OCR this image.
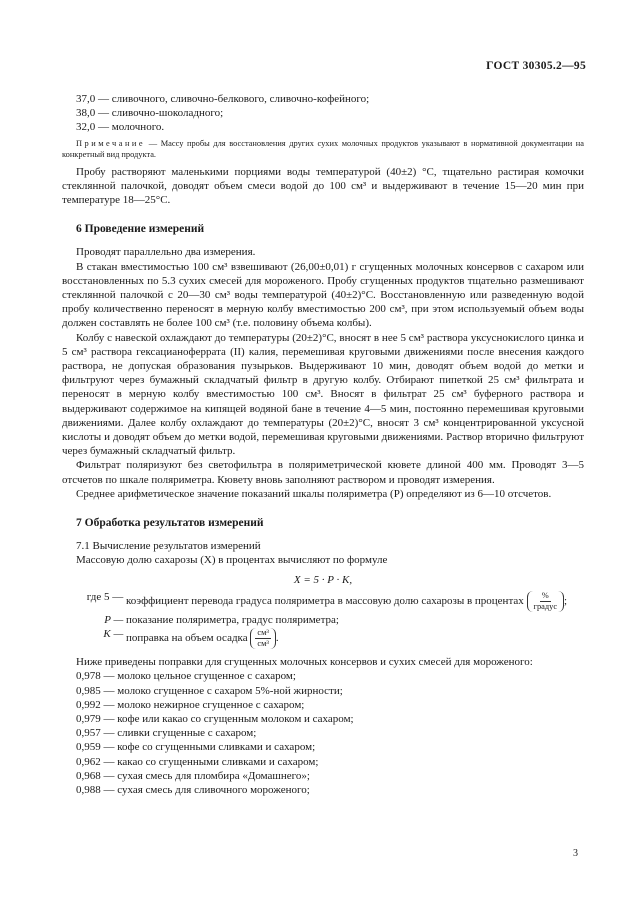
ГОСТ 30305.2—95

37,0 — сливочного, сливочно-белкового, сливочно-кофейного;

38,0 — сливочно-шоколадного;

32,0 — молочного.

Примечание — Массу пробы для восстановления других сухих молочных продуктов указывают в нормативной документации на конкретный вид продукта.

Пробу растворяют маленькими порциями воды температурой (40±2) °С, тщательно растирая комочки стеклянной палочкой, доводят объем смеси водой до 100 см³ и выдерживают в течение 15—20 мин при температуре 18—25°С.

6 Проведение измерений

Проводят параллельно два измерения.

В стакан вместимостью 100 см³ взвешивают (26,00±0,01) г сгущенных молочных консервов с сахаром или восстановленных по 5.3 сухих смесей для мороженого. Пробу сгущенных продуктов тщательно размешивают стеклянной палочкой с 20—30 см³ воды температурой (40±2)°С. Восстановленную или разведенную водой пробу количественно переносят в мерную колбу вместимостью 200 см³, при этом используемый объем воды должен составлять не более 100 см³ (т.е. половину объема колбы).

Колбу с навеской охлаждают до температуры (20±2)°С, вносят в нее 5 см³ раствора уксуснокислого цинка и 5 см³ раствора гексацианоферрата (II) калия, перемешивая круговыми движениями после внесения каждого раствора, не допуская образования пузырьков. Выдерживают 10 мин, доводят объем водой до метки и фильтруют через бумажный складчатый фильтр в другую колбу. Отбирают пипеткой 25 см³ фильтрата и переносят в мерную колбу вместимостью 100 см³. Вносят в фильтрат 25 см³ буферного раствора и выдерживают содержимое на кипящей водяной бане в течение 4—5 мин, постоянно перемешивая круговыми движениями. Далее колбу охлаждают до температуры (20±2)°С, вносят 3 см³ концентрированной уксусной кислоты и доводят объем до метки водой, перемешивая круговыми движениями. Раствор вторично фильтруют через бумажный складчатый фильтр.

Фильтрат поляризуют без светофильтра в поляриметрической кювете длиной 400 мм. Проводят 3—5 отсчетов по шкале поляриметра. Кювету вновь заполняют раствором и проводят измерения.

Среднее арифметическое значение показаний шкалы поляриметра (P) определяют из 6—10 отсчетов.

7 Обработка результатов измерений

7.1 Вычисление результатов измерений

Массовую долю сахарозы (X) в процентах вычисляют по формуле

X = 5 · P · K,

где 5 — коэффициент перевода градуса поляриметра в массовую долю сахарозы в процентах $\frac{\%}{\text{градус}}$ ;
P — показание поляриметра, градус поляриметра;
K — поправка на объем осадка $\frac{\text{см³}}{\text{см³}}$ .

Ниже приведены поправки для сгущенных молочных консервов и сухих смесей для мороженого:

0,978 — молоко цельное сгущенное с сахаром;

0,985 — молоко сгущенное с сахаром 5%-ной жирности;

0,992 — молоко нежирное сгущенное с сахаром;

0,979 — кофе или какао со сгущенным молоком и сахаром;

0,957 — сливки сгущенные с сахаром;

0,959 — кофе со сгущенными сливками и сахаром;

0,962 — какао со сгущенными сливками и сахаром;

0,968 — сухая смесь для пломбира «Домашнего»;

0,988 — сухая смесь для сливочного мороженого;

3
